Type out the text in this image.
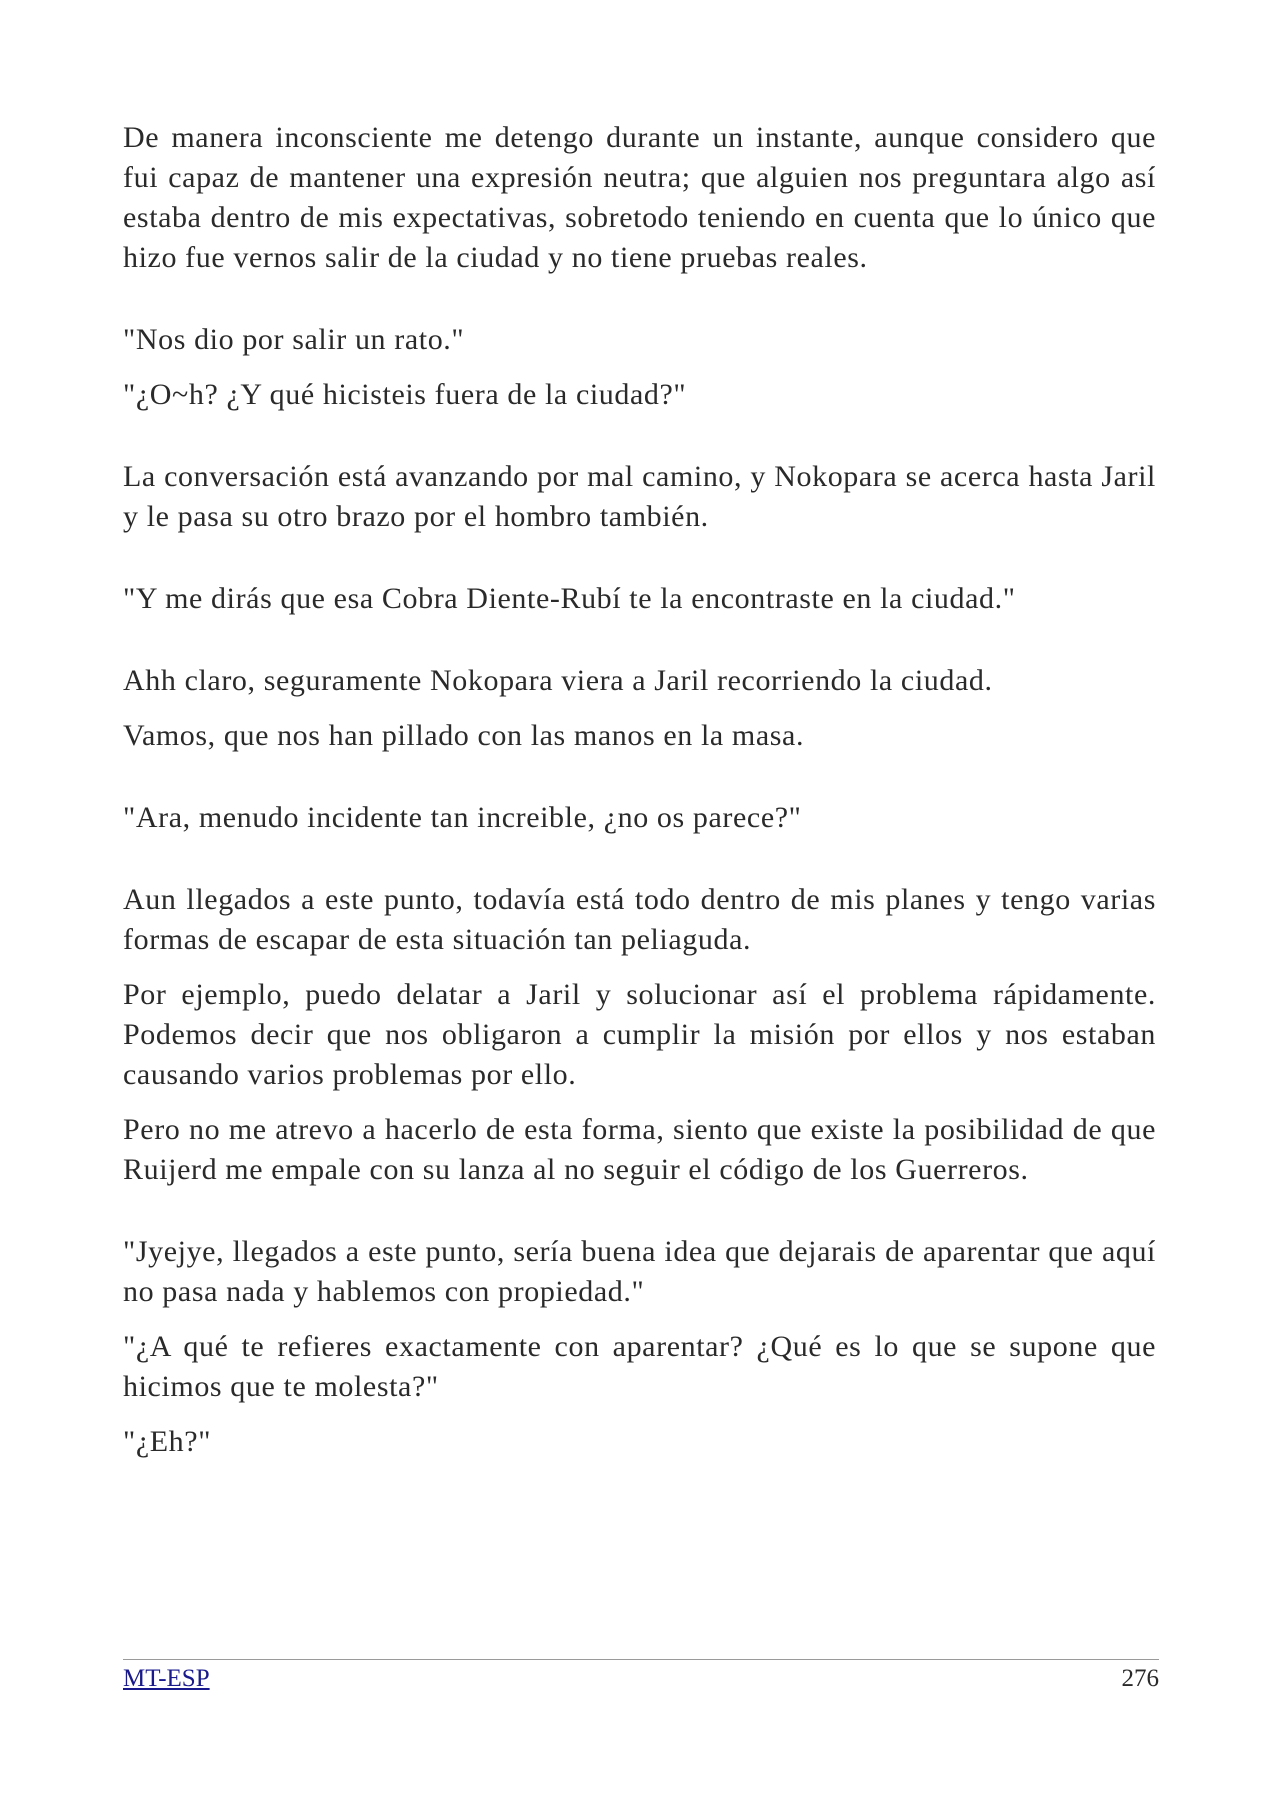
De manera inconsciente me detengo durante un instante, aunque considero que fui capaz de mantener una expresión neutra; que alguien nos preguntara algo así estaba dentro de mis expectativas, sobretodo teniendo en cuenta que lo único que hizo fue vernos salir de la ciudad y no tiene pruebas reales.

"Nos dio por salir un rato."

"¿O~h? ¿Y qué hicisteis fuera de la ciudad?"

La conversación está avanzando por mal camino, y Nokopara se acerca hasta Jaril y le pasa su otro brazo por el hombro también.

"Y me dirás que esa Cobra Diente-Rubí te la encontraste en la ciudad."

Ahh claro, seguramente Nokopara viera a Jaril recorriendo la ciudad.

Vamos, que nos han pillado con las manos en la masa.

"Ara, menudo incidente tan increible, ¿no os parece?"

Aun llegados a este punto, todavía está todo dentro de mis planes y tengo varias formas de escapar de esta situación tan peliaguda.

Por ejemplo, puedo delatar a Jaril y solucionar así el problema rápidamente. Podemos decir que nos obligaron a cumplir la misión por ellos y nos estaban causando varios problemas por ello.

Pero no me atrevo a hacerlo de esta forma, siento que existe la posibilidad de que Ruijerd me empale con su lanza al no seguir el código de los Guerreros.

"Jyejye, llegados a este punto, sería buena idea que dejarais de aparentar que aquí no pasa nada y hablemos con propiedad."

"¿A qué te refieres exactamente con aparentar? ¿Qué es lo que se supone que hicimos que te molesta?"

"¿Eh?"

MT-ESP	276
